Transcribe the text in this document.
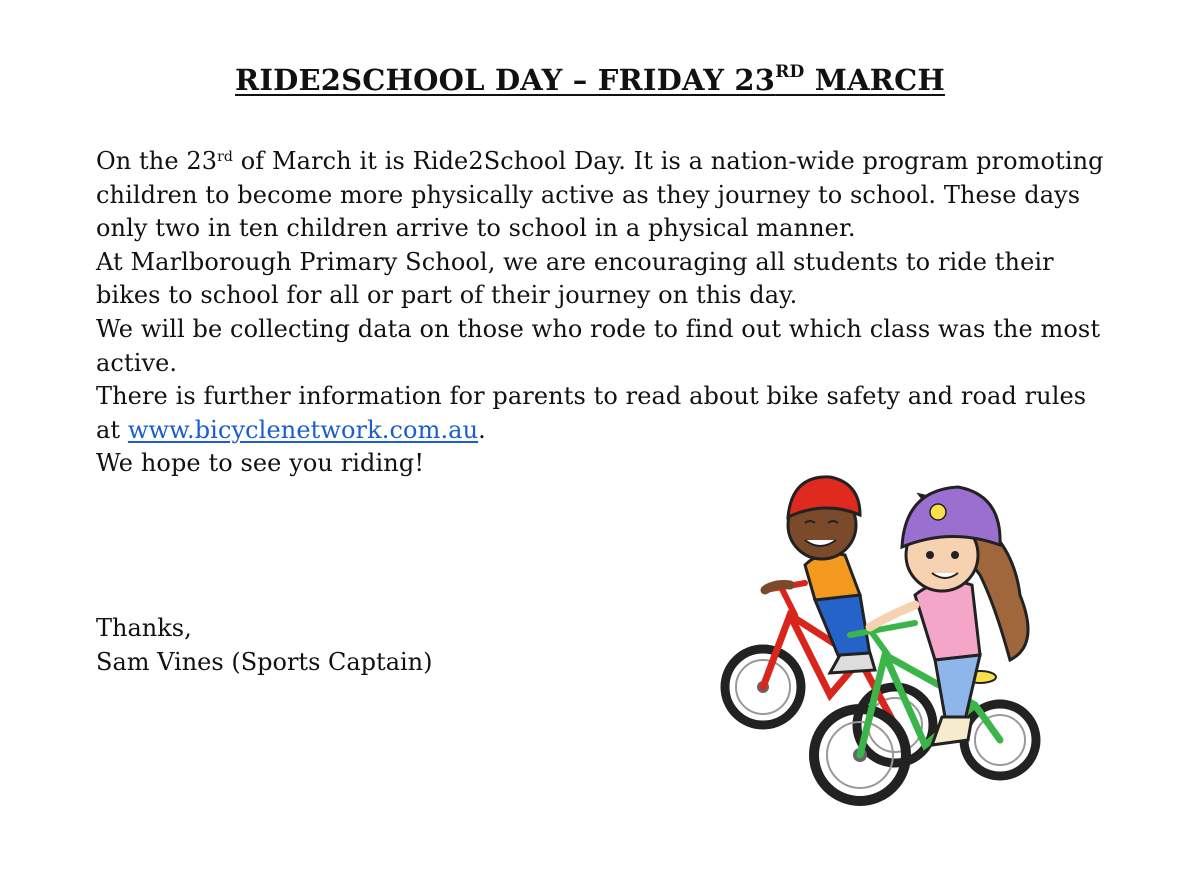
RIDE2SCHOOL DAY – FRIDAY 23RD MARCH

On the 23rd of March it is Ride2School Day. It is a nation-wide program promoting children to become more physically active as they journey to school. These days only two in ten children arrive to school in a physical manner.

At Marlborough Primary School, we are encouraging all students to ride their bikes to school for all or part of their journey on this day.

We will be collecting data on those who rode to find out which class was the most active.

There is further information for parents to read about bike safety and road rules at www.bicyclenetwork.com.au.

We hope to see you riding!

Thanks,

Sam Vines (Sports Captain)
